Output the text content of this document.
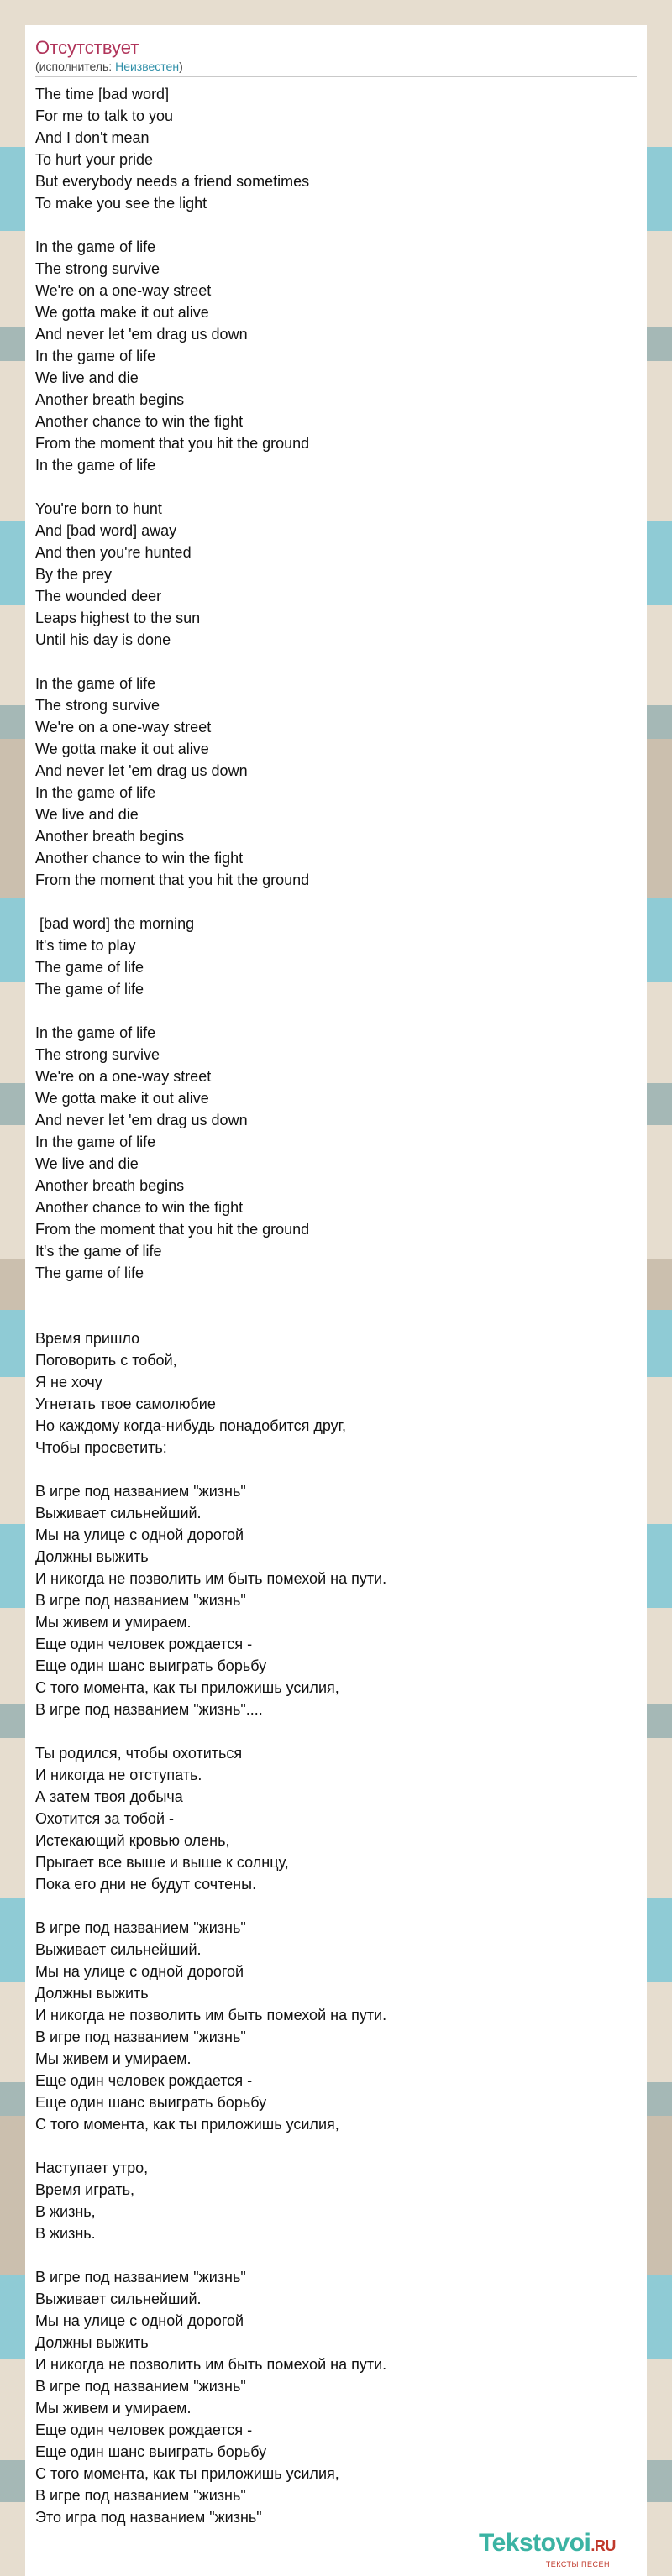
Отсутствует
(исполнитель: Неизвестен)
The time [bad word]
For me to talk to you
And I don't mean
To hurt your pride
But everybody needs a friend sometimes
To make you see the light
In the game of life
The strong survive
We're on a one-way street
We gotta make it out alive
And never let 'em drag us down
In the game of life
We live and die
Another breath begins
Another chance to win the fight
From the moment that you hit the ground
In the game of life
You're born to hunt
And [bad word] away
And then you're hunted
By the prey
The wounded deer
Leaps highest to the sun
Until his day is done
In the game of life
The strong survive
We're on a one-way street
We gotta make it out alive
And never let 'em drag us down
In the game of life
We live and die
Another breath begins
Another chance to win the fight
From the moment that you hit the ground
[bad word] the morning
It's time to play
The game of life
The game of life
In the game of life
The strong survive
We're on a one-way street
We gotta make it out alive
And never let 'em drag us down
In the game of life
We live and die
Another breath begins
Another chance to win the fight
From the moment that you hit the ground
It's the game of life
The game of life
Время пришло
Поговорить с тобой,
Я не хочу
Угнетать твое самолюбие
Но каждому когда-нибудь понадобится друг,
Чтобы просветить:
В игре под названием "жизнь"
Выживает сильнейший.
Мы на улице с одной дорогой
Должны выжить
И никогда не позволить им быть помехой на пути.
В игре под названием "жизнь"
Мы живем и умираем.
Еще один человек рождается -
Еще один шанс выиграть борьбу
С того момента, как ты приложишь усилия,
В игре под названием "жизнь"....
Ты родился, чтобы охотиться
И никогда не отступать.
А затем твоя добыча
Охотится за тобой -
Истекающий кровью олень,
Прыгает все выше и выше к солнцу,
Пока его дни не будут сочтены.
В игре под названием "жизнь"
Выживает сильнейший.
Мы на улице с одной дорогой
Должны выжить
И никогда не позволить им быть помехой на пути.
В игре под названием "жизнь"
Мы живем и умираем.
Еще один человек рождается -
Еще один шанс выиграть борьбу
С того момента, как ты приложишь усилия,
Наступает утро,
Время играть,
В жизнь,
В жизнь.
В игре под названием "жизнь"
Выживает сильнейший.
Мы на улице с одной дорогой
Должны выжить
И никогда не позволить им быть помехой на пути.
В игре под названием "жизнь"
Мы живем и умираем.
Еще один человек рождается -
Еще один шанс выиграть борьбу
С того момента, как ты приложишь усилия,
В игре под названием "жизнь"
Это игра под названием "жизнь"
Tekstovoi.RU
ТЕКСТЫ ПЕСЕН
